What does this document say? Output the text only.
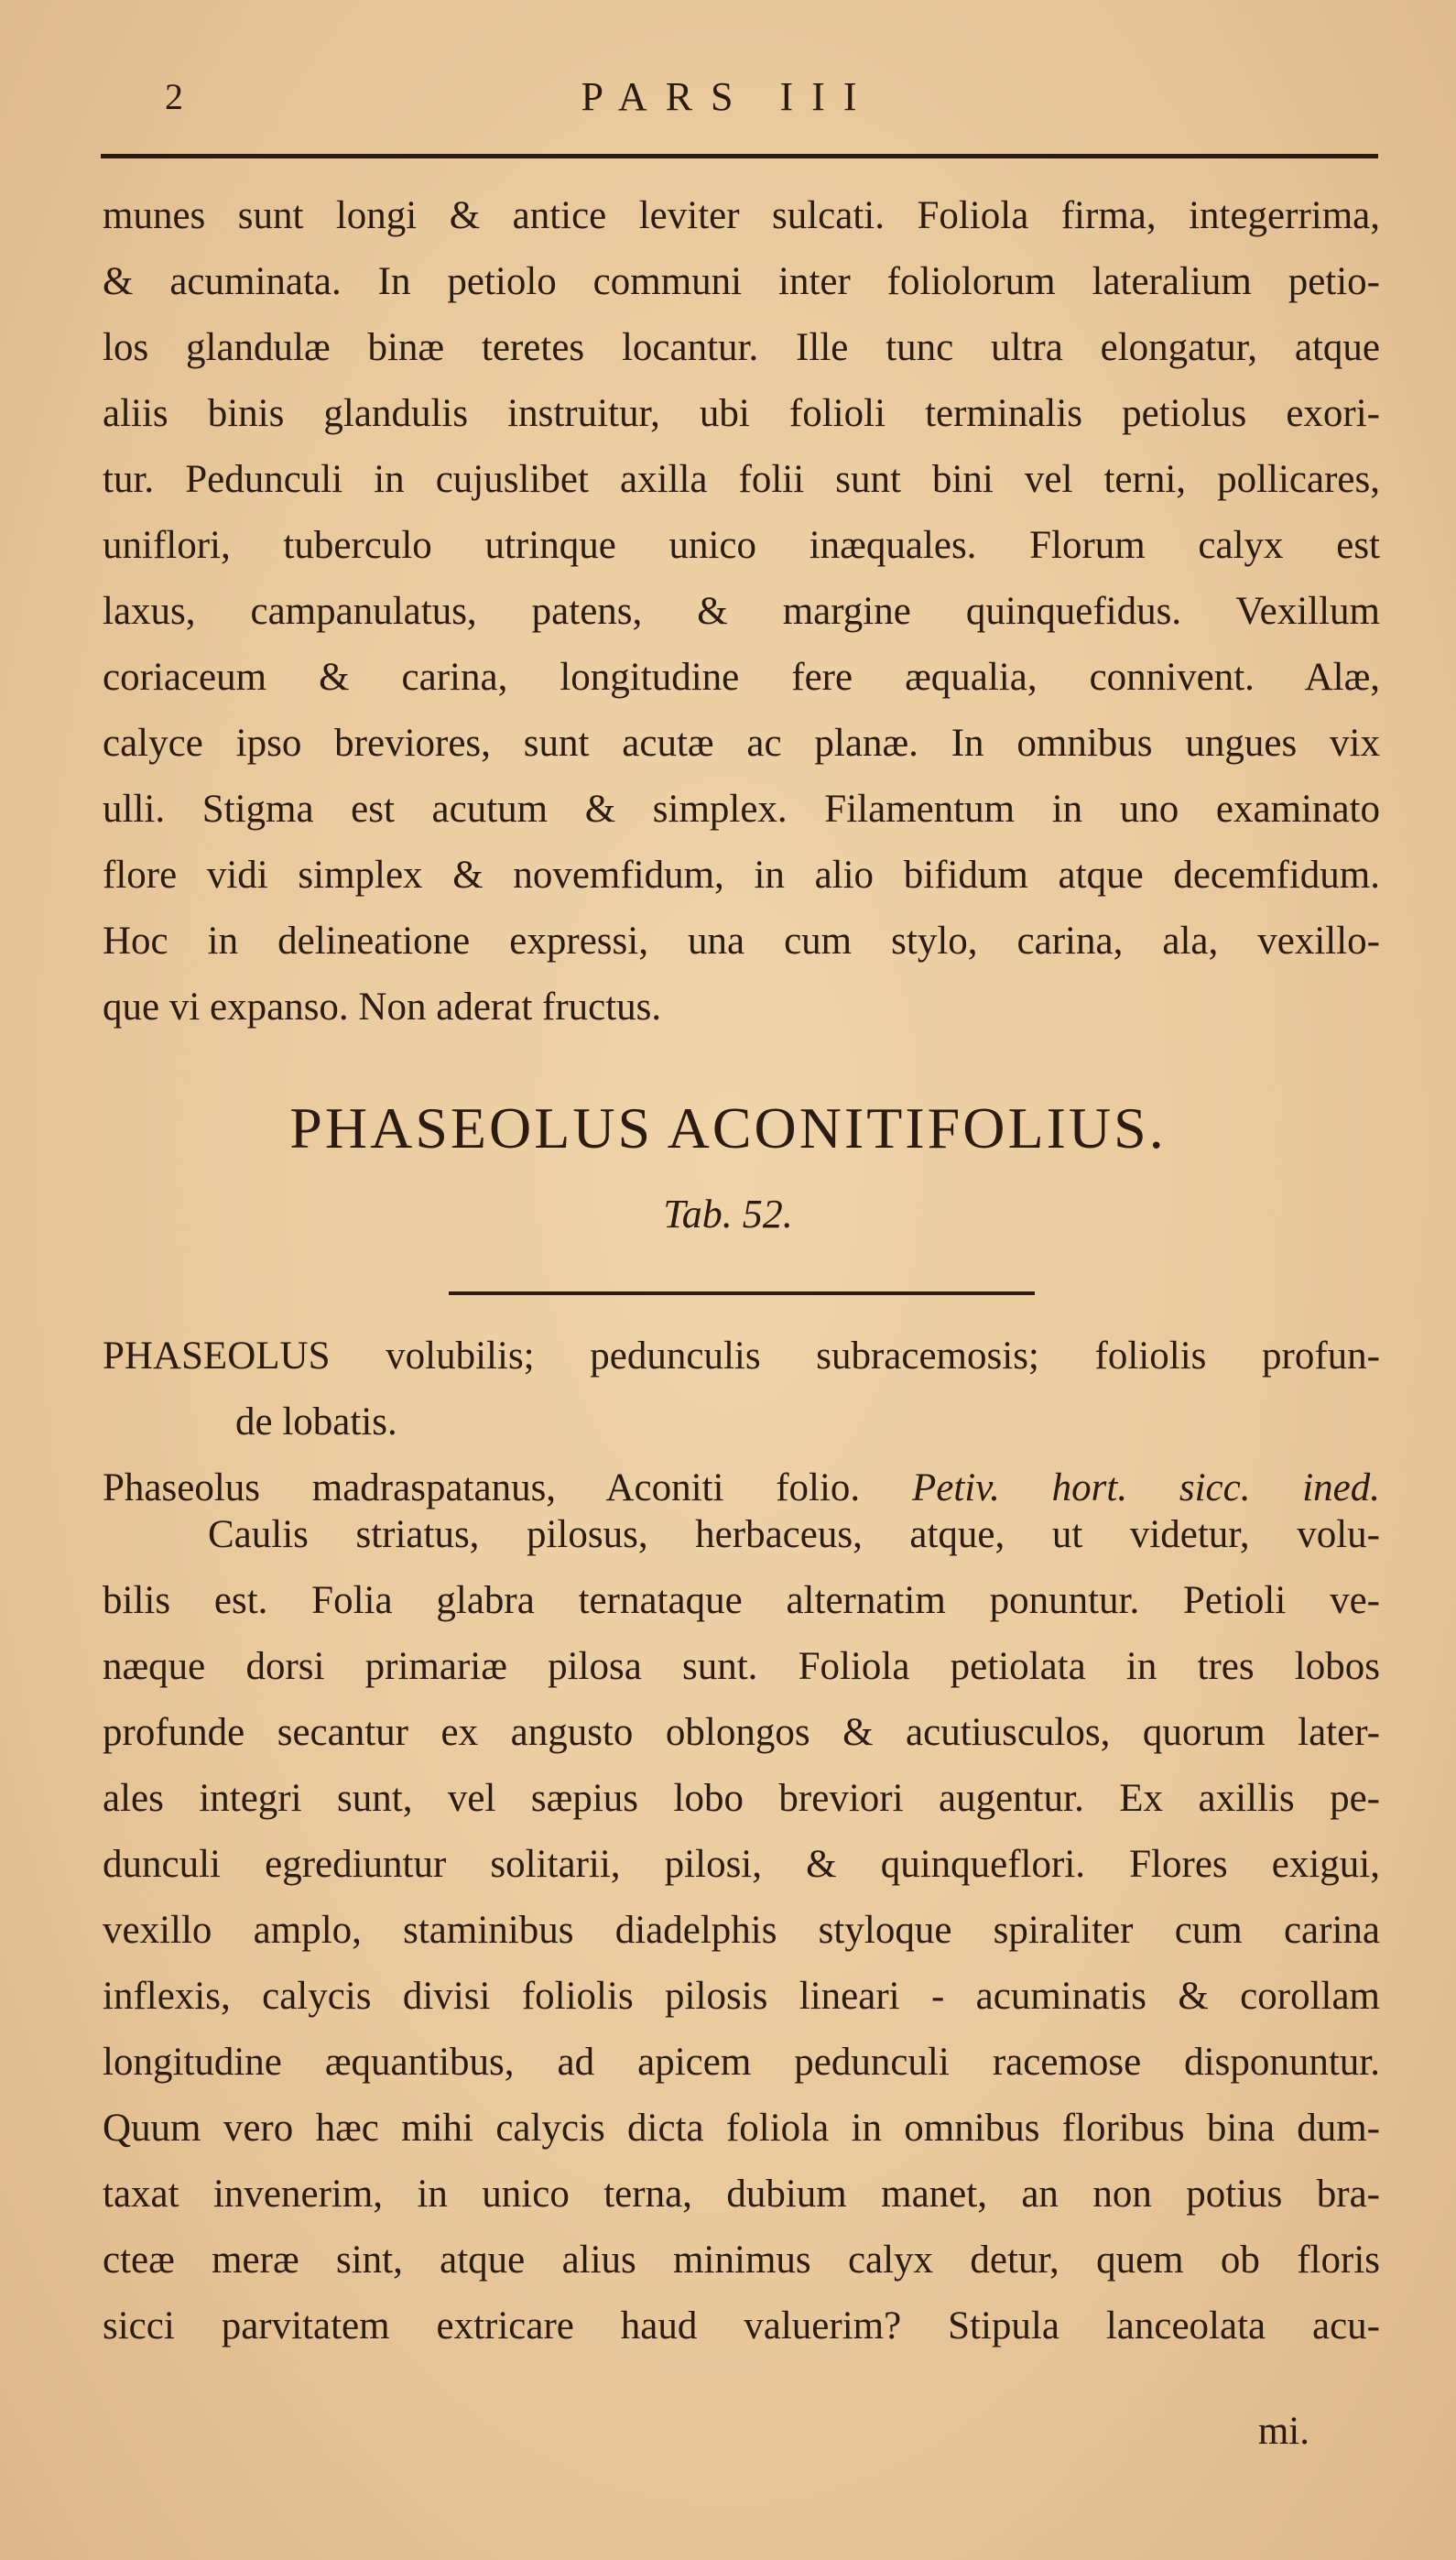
2	PARS III
munes sunt longi & antice leviter sulcati. Foliola firma, integerrima,
& acuminata. In petiolo communi inter foliolorum lateralium petio-
los glandulæ binæ teretes locantur. Ille tunc ultra elongatur, atque
aliis binis glandulis instruitur, ubi folioli terminalis petiolus exori-
tur. Pedunculi in cujuslibet axilla folii sunt bini vel terni, pollicares,
uniflori, tuberculo utrinque unico inæquales. Florum calyx est
laxus, campanulatus, patens, & margine quinquefidus. Vexillum
coriaceum & carina, longitudine fere æqualia, connivent. Alæ,
calyce ipso breviores, sunt acutæ ac planæ. In omnibus ungues vix
ulli. Stigma est acutum & simplex. Filamentum in uno examinato
flore vidi simplex & novemfidum, in alio bifidum atque decemfidum.
Hoc in delineatione expressi, una cum stylo, carina, ala, vexillo-
que vi expanso. Non aderat fructus.
PHASEOLUS ACONITIFOLIUS.
Tab. 52.
PHASEOLUS volubilis; pedunculis subracemosis; foliolis profun-
de lobatis.
Phaseolus madraspatanus, Aconiti folio. Petiv. hort. sicc. ined.
Caulis striatus, pilosus, herbaceus, atque, ut videtur, volu-
bilis est. Folia glabra ternataque alternatim ponuntur. Petioli ve-
næque dorsi primariæ pilosa sunt. Foliola petiolata in tres lobos
profunde secantur ex angusto oblongos & acutiusculos, quorum later-
ales integri sunt, vel sæpius lobo breviori augentur. Ex axillis pe-
dunculi egrediuntur solitarii, pilosi, & quinqueflori. Flores exigui,
vexillo amplo, staminibus diadelphis styloque spiraliter cum carina
inflexis, calycis divisi foliolis pilosis lineari - acuminatis & corollam
longitudine æquantibus, ad apicem pedunculi racemose disponuntur.
Quum vero hæc mihi calycis dicta foliola in omnibus floribus bina dum-
taxat invenerim, in unico terna, dubium manet, an non potius bra-
cteæ meræ sint, atque alius minimus calyx detur, quem ob floris
sicci parvitatem extricare haud valuerim? Stipula lanceolata acu-
mi.
